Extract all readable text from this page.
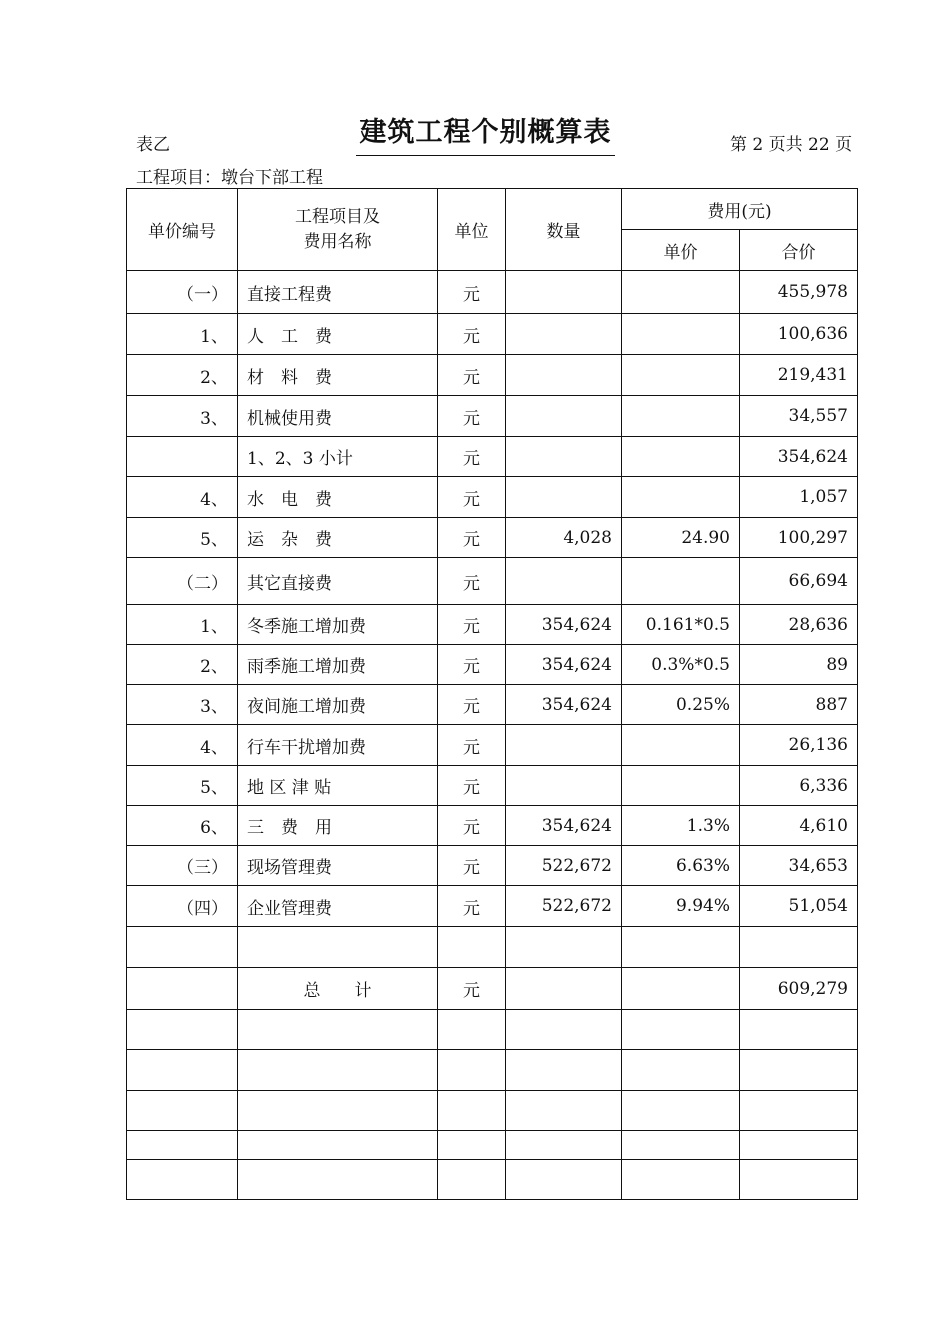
表乙	建筑工程个别概算表	第 2 页共 22 页
工程项目：墩台下部工程
单价编号	工程项目及
费用名称	单位	数量	费用(元)	
				单价	合价
（一）	直接工程费	元			455,978
1、	人　工　费	元			100,636
2、	材　料　费	元			219,431
3、	机械使用费	元			34,557
	1、2、3 小计	元			354,624
4、	水　电　费	元			1,057
5、	运　杂　费	元	4,028	24.90	100,297
（二）	其它直接费	元			66,694
1、	冬季施工增加费	元	354,624	0.161*0.5	28,636
2、	雨季施工增加费	元	354,624	0.3%*0.5	89
3、	夜间施工增加费	元	354,624	0.25%	887
4、	行车干扰增加费	元			26,136
5、	地 区 津 贴	元			6,336
6、	三　费　用	元	354,624	1.3%	4,610
（三）	现场管理费	元	522,672	6.63%	34,653
（四）	企业管理费	元	522,672	9.94%	51,054

	总　　计	元			609,279
